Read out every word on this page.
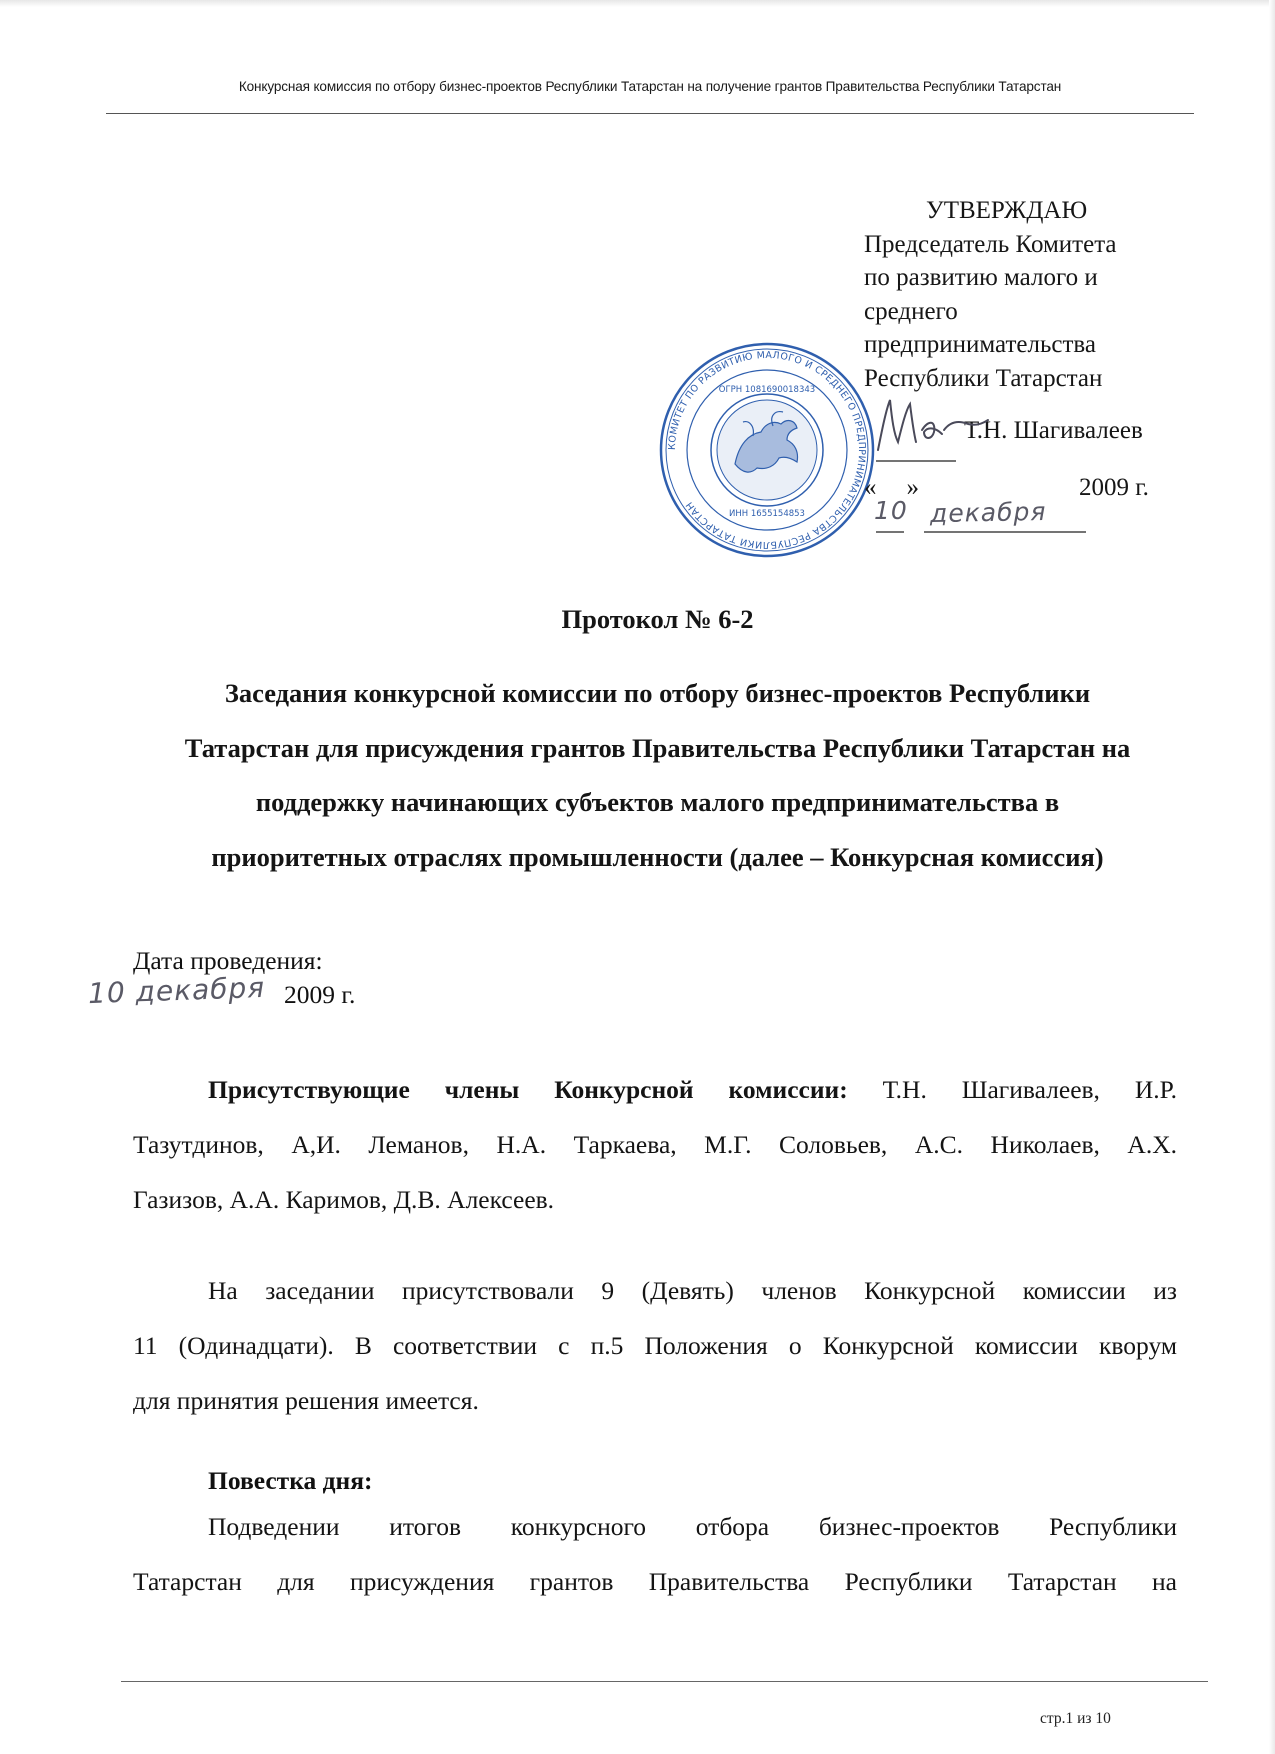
Конкурсная комиссия по отбору бизнес-проектов Республики Татарстан на получение грантов Правительства Республики Татарстан
КОМИТЕТ ПО РАЗВИТИЮ МАЛОГО И СРЕДНЕГО ПРЕДПРИНИМАТЕЛЬСТВА РЕСПУБЛИКИ ТАТАРСТАН
ОГРН 1081690018343
ИНН 1655154853
УТВЕРЖДАЮ
Председатель Комитета
по развитию малого и
среднего
предпринимательства
Республики Татарстан
Т.Н. Шагивалеев
« »	2009 г.
10 декабря
Протокол № 6-2
Заседания конкурсной комиссии по отбору бизнес-проектов Республики
Татарстан для присуждения грантов Правительства Республики Татарстан на
поддержку начинающих субъектов малого предпринимательства в
приоритетных отраслях промышленности (далее – Конкурсная комиссия)
Дата проведения:
10 декабря 2009 г.
Присутствующие члены Конкурсной комиссии: Т.Н. Шагивалеев, И.Р.
Тазутдинов, А,И. Леманов, Н.А. Таркаева, М.Г. Соловьев, А.С. Николаев, А.Х.
Газизов, А.А. Каримов, Д.В. Алексеев.
На заседании присутствовали 9 (Девять) членов Конкурсной комиссии из
11 (Одинадцати). В соответствии с п.5 Положения о Конкурсной комиссии кворум
для принятия решения имеется.
Повестка дня:
Подведении итогов конкурсного отбора бизнес-проектов Республики
Татарстан для присуждения грантов Правительства Республики Татарстан на
стр.1 из 10
